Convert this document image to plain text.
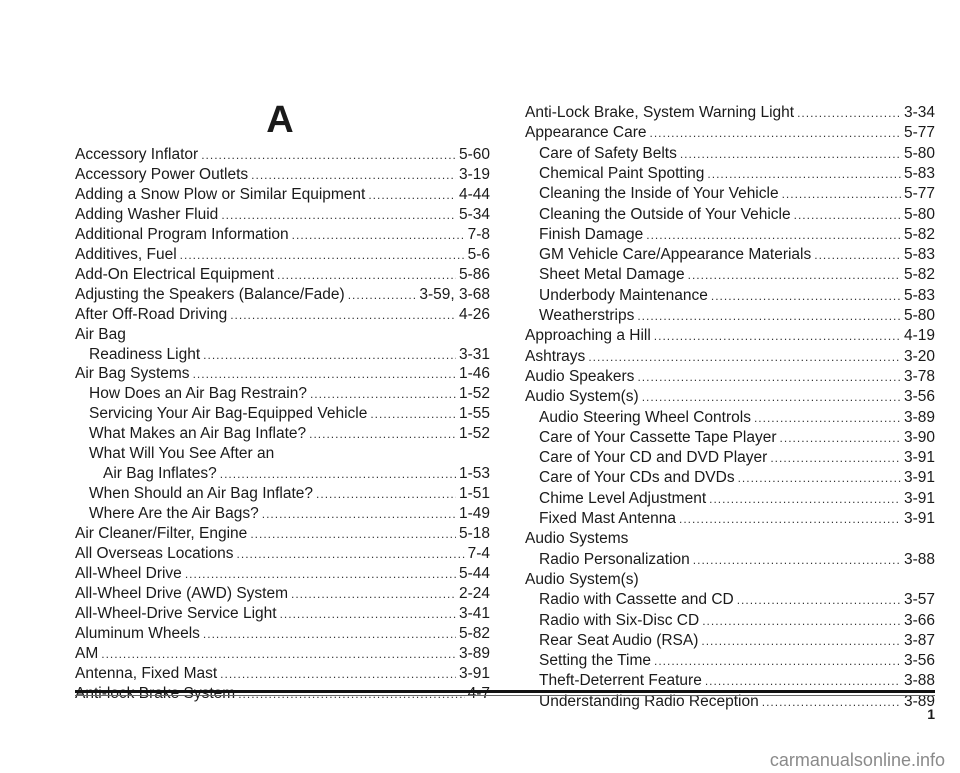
A
Accessory Inflator .....	5-60
Accessory Power Outlets .....	3-19
Adding a Snow Plow or Similar Equipment .....	4-44
Adding Washer Fluid .....	5-34
Additional Program Information .....	7-8
Additives, Fuel .....	5-6
Add-On Electrical Equipment .....	5-86
Adjusting the Speakers (Balance/Fade) .....	3-59, 3-68
After Off-Road Driving .....	4-26
Air Bag
Readiness Light .....	3-31
Air Bag Systems .....	1-46
How Does an Air Bag Restrain? .....	1-52
Servicing Your Air Bag-Equipped Vehicle .....	1-55
What Makes an Air Bag Inflate? .....	1-52
What Will You See After an
Air Bag Inflates? .....	1-53
When Should an Air Bag Inflate? .....	1-51
Where Are the Air Bags? .....	1-49
Air Cleaner/Filter, Engine .....	5-18
All Overseas Locations .....	7-4
All-Wheel Drive .....	5-44
All-Wheel Drive (AWD) System .....	2-24
All-Wheel-Drive Service Light .....	3-41
Aluminum Wheels .....	5-82
AM .....	3-89
Antenna, Fixed Mast .....	3-91
Anti-lock Brake System .....	4-7
Anti-Lock Brake, System Warning Light .....	3-34
Appearance Care .....	5-77
Care of Safety Belts .....	5-80
Chemical Paint Spotting .....	5-83
Cleaning the Inside of Your Vehicle .....	5-77
Cleaning the Outside of Your Vehicle .....	5-80
Finish Damage .....	5-82
GM Vehicle Care/Appearance Materials .....	5-83
Sheet Metal Damage .....	5-82
Underbody Maintenance .....	5-83
Weatherstrips .....	5-80
Approaching a Hill .....	4-19
Ashtrays .....	3-20
Audio Speakers .....	3-78
Audio System(s) .....	3-56
Audio Steering Wheel Controls .....	3-89
Care of Your Cassette Tape Player .....	3-90
Care of Your CD and DVD Player .....	3-91
Care of Your CDs and DVDs .....	3-91
Chime Level Adjustment .....	3-91
Fixed Mast Antenna .....	3-91
Audio Systems
Radio Personalization .....	3-88
Audio System(s)
Radio with Cassette and CD .....	3-57
Radio with Six-Disc CD .....	3-66
Rear Seat Audio (RSA) .....	3-87
Setting the Time .....	3-56
Theft-Deterrent Feature .....	3-88
Understanding Radio Reception .....	3-89
1
carmanualsonline.info
